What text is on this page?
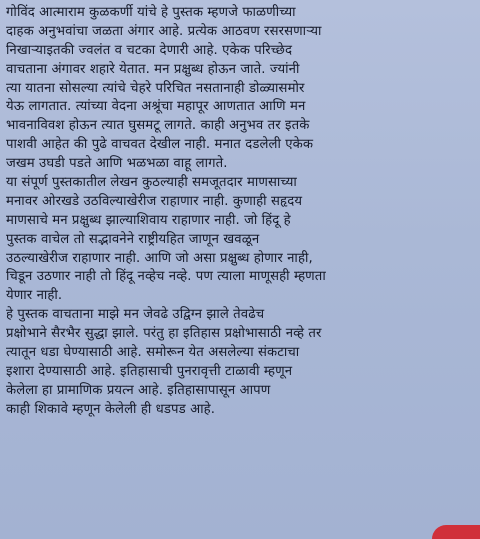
गोविंद आत्माराम कुळकर्णी यांचे हे पुस्तक म्हणजे फाळणीच्या
दाहक अनुभवांचा जळता अंगार आहे. प्रत्येक आठवण रसरसणाऱ्या
निखाऱ्याइतकी ज्वलंत व चटका देणारी आहे. एकेक परिच्छेद
वाचताना अंगावर शहारे येतात. मन प्रक्षुब्ध होऊन जाते. ज्यांनी
त्या यातना सोसल्या त्यांचे चेहरे परिचित नसतानाही डोळ्यासमोर
येऊ लागतात. त्यांच्या वेदना अश्रूंचा महापूर आणतात आणि मन
भावनाविवश होऊन त्यात घुसमटू लागते. काही अनुभव तर इतके
पाशवी आहेत की पुढे वाचवत देखील नाही. मनात दडलेली एकेक
जखम उघडी पडते आणि भळभळा वाहू लागते.
या संपूर्ण पुस्तकातील लेखन कुठल्याही समजूतदार माणसाच्या
मनावर ओरखडे उठविल्याखेरीज राहाणार नाही. कुणाही सहृदय
माणसाचे मन प्रक्षुब्ध झाल्याशिवाय राहाणार नाही. जो हिंदू हे
पुस्तक वाचेल तो सद्भावनेने राष्ट्रीयहित जाणून खवळून
उठल्याखेरीज राहाणार नाही. आणि जो असा प्रक्षुब्ध होणार नाही,
चिडून उठणार नाही तो हिंदू नव्हेच नव्हे. पण त्याला माणूसही म्हणता
येणार नाही.
हे पुस्तक वाचताना माझे मन जेवढे उद्विग्न झाले तेवढेच
प्रक्षोभाने सैरभैर सुद्धा झाले. परंतु हा इतिहास प्रक्षोभासाठी नव्हे तर
त्यातून धडा घेण्यासाठी आहे. समोरून येत असलेल्या संकटाचा
इशारा देण्यासाठी आहे. इतिहासाची पुनरावृत्ती टाळावी म्हणून
केलेला हा प्रामाणिक प्रयत्न आहे. इतिहासापासून आपण
काही शिकावे म्हणून केलेली ही धडपड आहे.
